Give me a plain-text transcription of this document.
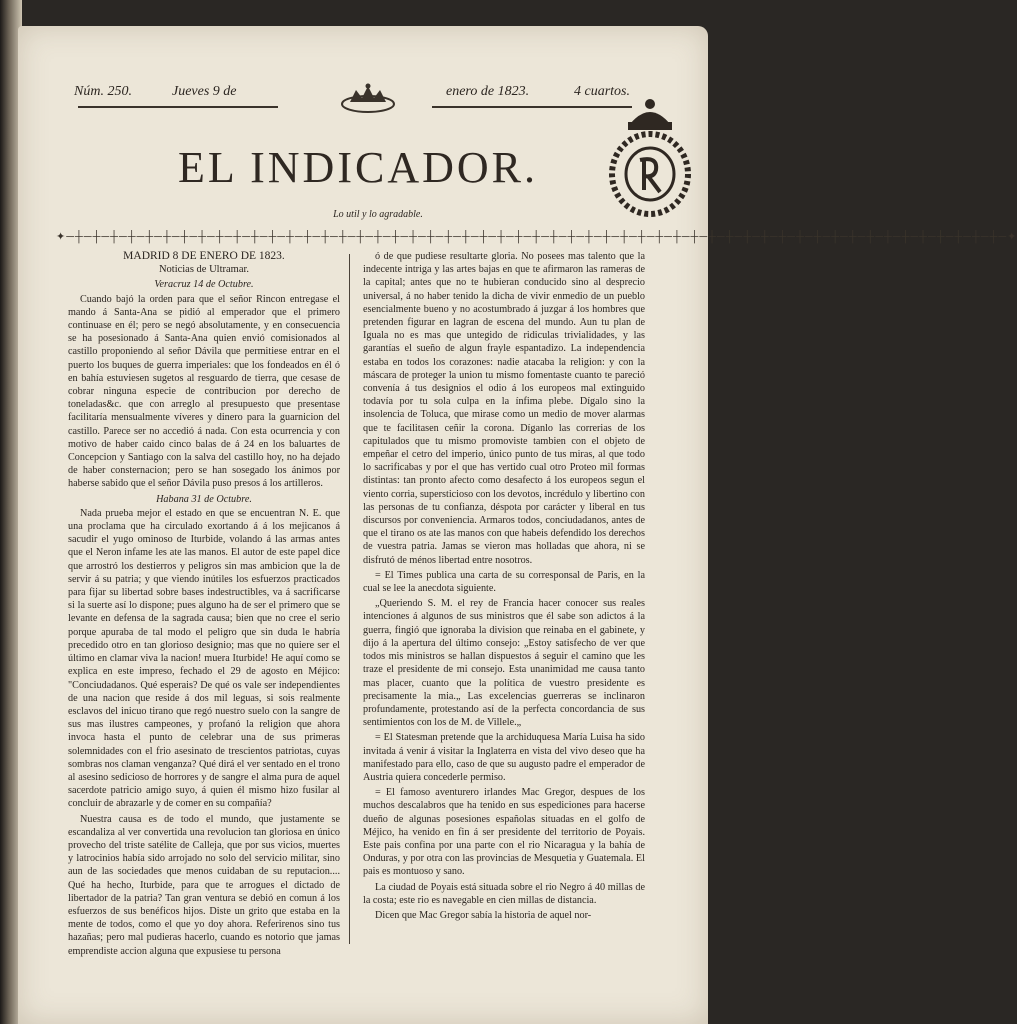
Núm. 250.	Jueves 9 de	enero de 1823.	4 cuartos.
EL INDICADOR.
Lo util y lo agradable.
✦─┼─┼─┼─┼─┼─┼─┼─┼─┼─┼─┼─┼─┼─┼─┼─┼─┼─┼─┼─┼─┼─┼─┼─┼─┼─┼─┼─┼─┼─┼─┼─┼─┼─┼─┼─┼─┼─┼─┼─┼─┼─┼─┼─┼─┼─┼─┼─┼─┼─┼─┼─┼─┼─✦

MADRID 8 DE ENERO DE 1823.

Noticias de Ultramar.

Veracruz 14 de Octubre.

Cuando bajó la orden para que el señor Rincon entregase el mando á Santa-Ana se pidió al emperador que el primero continuase en él; pero se negó absolutamente, y en consecuencia se ha posesionado á Santa-Ana quien envió comisionados al castillo proponiendo al señor Dávila que permitiese entrar en el puerto los buques de guerra imperiales: que los fondeados en él ó en bahía estuviesen sugetos al resguardo de tierra, que cesase de cobrar ninguna especie de contribucion por derecho de toneladas&c. que con arreglo al presupuesto que presentase facilitaría mensualmente víveres y dinero para la guarnicion del castillo. Parece ser no accedió á nada. Con esta ocurrencia y con motivo de haber caido cinco balas de á 24 en los baluartes de Concepcion y Santiago con la salva del castillo hoy, no ha dejado de haber consternacion; pero se han sosegado los ánimos por haberse sabido que el señor Dávila puso presos á los artilleros.

Habana 31 de Octubre.

Nada prueba mejor el estado en que se encuentran N. E. que una proclama que ha circulado exortando á á los mejicanos á sacudir el yugo ominoso de Iturbide, volando á las armas antes que el Neron infame les ate las manos. El autor de este papel dice que arrostró los destierros y peligros sin mas ambicion que la de servir á su patria; y que viendo inútiles los esfuerzos practicados para fijar su libertad sobre bases indestructibles, va á sacrificarse si la suerte así lo dispone; pues alguno ha de ser el primero que se levante en defensa de la sagrada causa; bien que no cree el serio porque apuraba de tal modo el peligro que sin duda le habría precedido otro en tan glorioso designio; mas que no quiere ser el último en clamar viva la nacion! muera Iturbide! He aquí como se explica en este impreso, fechado el 29 de agosto en Méjico: "Conciudadanos. Qué esperais? De qué os vale ser independientes de una nacion que reside á dos mil leguas, si sois realmente esclavos del inicuo tirano que regó nuestro suelo con la sangre de sus mas ilustres campeones, y profanó la religion que ahora invoca hasta el punto de celebrar una de sus primeras solemnidades con el frio asesinato de trescientos patriotas, cuyas sombras nos claman venganza? Qué dirá el ver sentado en el trono al asesino sedicioso de horrores y de sangre el alma pura de aquel sacerdote patricio amigo suyo, á quien él mismo hizo fusilar al concluir de abrazarle y de comer en su compañía?

Nuestra causa es de todo el mundo, que justamente se escandaliza al ver convertida una revolucion tan gloriosa en único provecho del triste satélite de Calleja, que por sus vicios, muertes y latrocinios había sido arrojado no solo del servicio militar, sino aun de las sociedades que menos cuidaban de su reputacion.... Qué ha hecho, Iturbide, para que te arrogues el dictado de libertador de la patria? Tan gran ventura se debió en comun á los esfuerzos de sus benéficos hijos. Diste un grito que estaba en la mente de todos, como el que yo doy ahora. Referirenos sino tus hazañas; pero mal pudieras hacerlo, cuando es notorio que jamas emprendiste accion alguna que expusiese tu persona

ó de que pudiese resultarte gloria. No posees mas talento que la indecente intriga y las artes bajas en que te afirmaron las rameras de la capital; antes que no te hubieran conducido sino al desprecio universal, á no haber tenido la dicha de vivir enmedio de un pueblo esencialmente bueno y no acostumbrado á juzgar á los hombres que pretenden figurar en lagran de escena del mundo. Aun tu plan de Iguala no es mas que untegido de ridiculas trivialidades, y las garantías el sueño de algun frayle espantadizo. La independencia estaba en todos los corazones: nadie atacaba la religion: y con la máscara de proteger la union tu mismo fomentaste cuanto te pareció convenía á tus designios el odio á los europeos mal extinguido todavía por tu sola culpa en la ínfima plebe. Dígalo sino la insolencia de Toluca, que mirase como un medio de mover alarmas que te facilitasen ceñir la corona. Díganlo las correrias de los capitulados que tu mismo promoviste tambien con el objeto de empeñar el cetro del imperio, único punto de tus miras, al que todo lo sacrificabas y por el que has vertido cual otro Proteo mil formas distintas: tan pronto afecto como desafecto á los europeos segun el viento corria, supersticioso con los devotos, incrédulo y libertino con las personas de tu confianza, déspota por carácter y liberal en tus discursos por conveniencia. Armaros todos, conciudadanos, antes de que el tirano os ate las manos con que habeis defendido los derechos de vuestra patria. Jamas se vieron mas holladas que ahora, ni se disfrutó de ménos libertad entre nosotros.

= El Times publica una carta de su corresponsal de Paris, en la cual se lee la anecdota siguiente.

„Queriendo S. M. el rey de Francia hacer conocer sus reales intenciones á algunos de sus ministros que él sabe son adictos á la guerra, fingió que ignoraba la division que reinaba en el gabinete, y dijo á la apertura del último consejo: „Estoy satisfecho de ver que todos mis ministros se hallan dispuestos á seguir el camino que les traze el presidente de mi consejo. Esta unanimidad me causa tanto mas placer, cuanto que la política de vuestro presidente es precisamente la mia.„ Las excelencias guerreras se inclinaron profundamente, protestando así de la perfecta concordancia de sus sentimientos con los de M. de Villele.„

= El Statesman pretende que la archiduquesa María Luisa ha sido invitada á venir á visitar la Inglaterra en vista del vivo deseo que ha manifestado para ello, caso de que su augusto padre el emperador de Austria quiera concederle permiso.

= El famoso aventurero irlandes Mac Gregor, despues de los muchos descalabros que ha tenido en sus espediciones para hacerse dueño de algunas posesiones españolas situadas en el golfo de Méjico, ha venido en fin á ser presidente del territorio de Poyais. Este pais confina por una parte con el rio Nicaragua y la bahía de Onduras, y por otra con las provincias de Mesquetia y Guatemala. El pais es montuoso y sano.

La ciudad de Poyais está situada sobre el rio Negro á 40 millas de la costa; este rio es navegable en cien millas de distancia.

Dicen que Mac Gregor sabía la historia de aquel nor-
